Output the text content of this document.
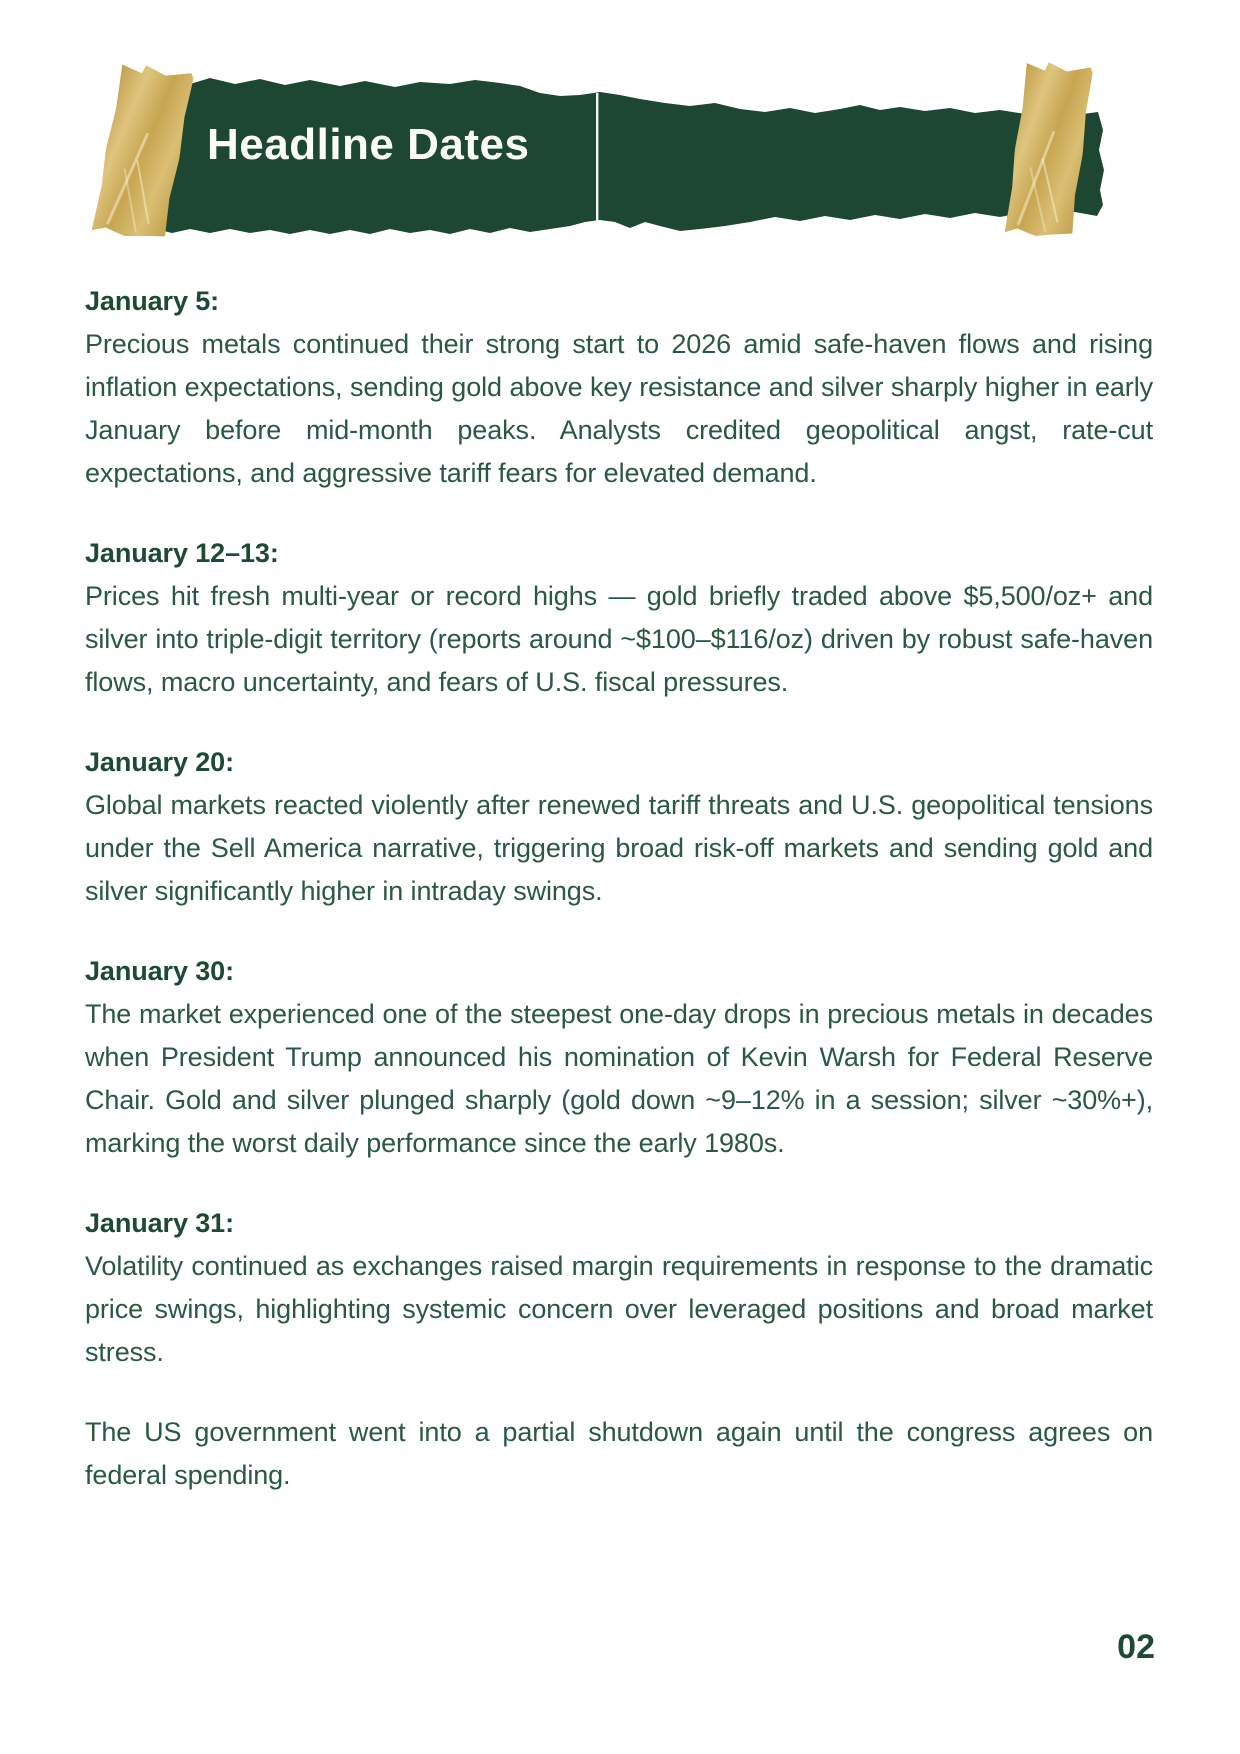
Headline Dates
January 5:

Precious metals continued their strong start to 2026 amid safe-haven flows and rising inflation expectations, sending gold above key resistance and silver sharply higher in early January before mid-month peaks. Analysts credited geopolitical angst, rate-cut expectations, and aggressive tariff fears for elevated demand.

January 12–13:

Prices hit fresh multi-year or record highs — gold briefly traded above $5,500/oz+ and silver into triple-digit territory (reports around ~$100–$116/oz) driven by robust safe-haven flows, macro uncertainty, and fears of U.S. fiscal pressures.

January 20:

Global markets reacted violently after renewed tariff threats and U.S. geopolitical tensions under the Sell America narrative, triggering broad risk-off markets and sending gold and silver significantly higher in intraday swings.

January 30:

The market experienced one of the steepest one-day drops in precious metals in decades when President Trump announced his nomination of Kevin Warsh for Federal Reserve Chair. Gold and silver plunged sharply (gold down ~9–12% in a session; silver ~30%+), marking the worst daily performance since the early 1980s.

January 31:

Volatility continued as exchanges raised margin requirements in response to the dramatic price swings, highlighting systemic concern over leveraged positions and broad market stress.

The US government went into a partial shutdown again until the congress agrees on federal spending.

02
